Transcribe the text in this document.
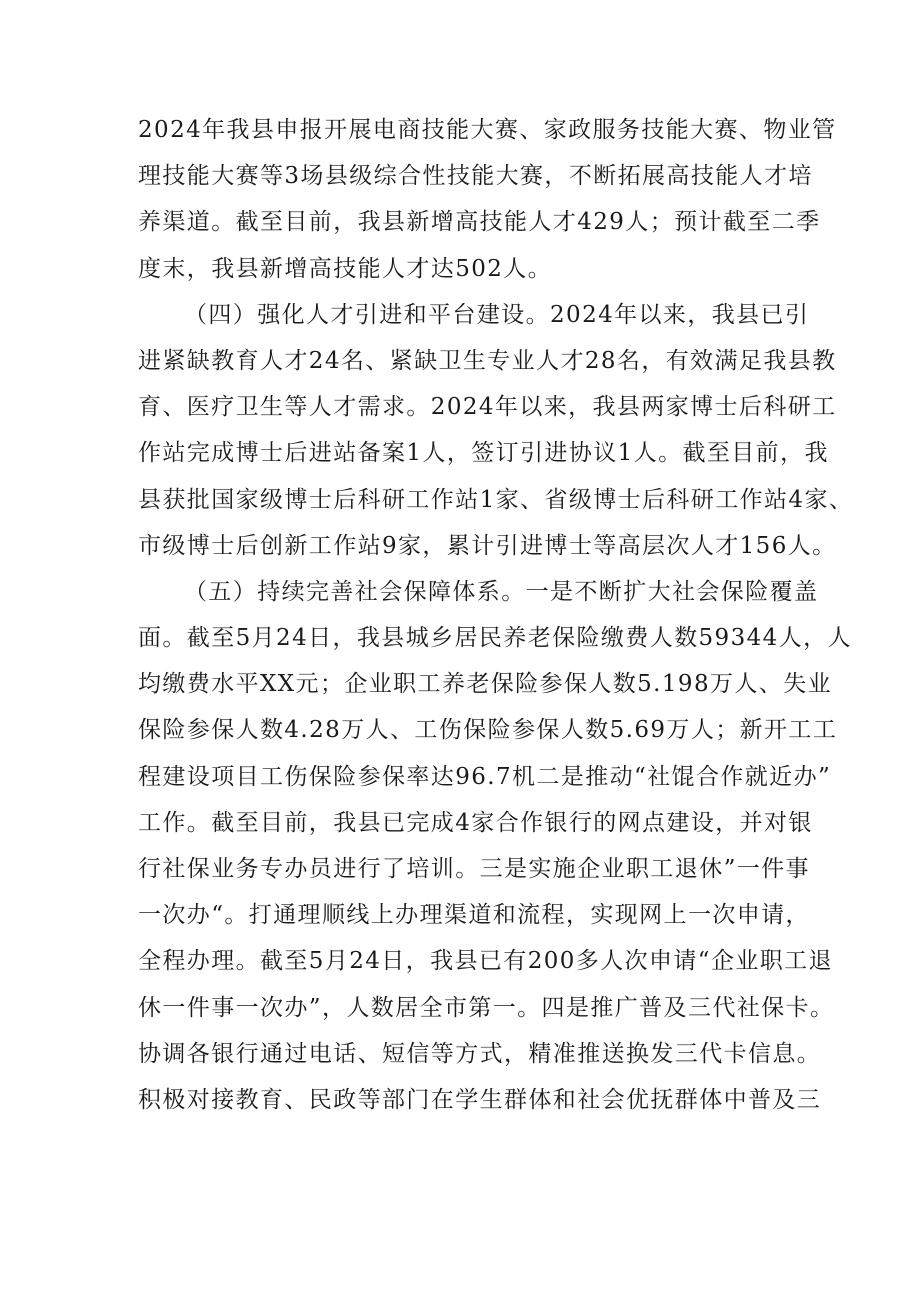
2024年我县申报开展电商技能大赛、家政服务技能大赛、物业管
理技能大赛等3场县级综合性技能大赛，不断拓展高技能人才培
养渠道。截至目前，我县新增高技能人才429人；预计截至二季
度末，我县新增高技能人才达502人。
（四）强化人才引进和平台建设。2024年以来，我县已引
进紧缺教育人才24名、紧缺卫生专业人才28名，有效满足我县教
育、医疗卫生等人才需求。2024年以来，我县两家博士后科研工
作站完成博士后进站备案1人，签订引进协议1人。截至目前，我
县获批国家级博士后科研工作站1家、省级博士后科研工作站4家、
市级博士后创新工作站9家，累计引进博士等高层次人才156人。
（五）持续完善社会保障体系。一是不断扩大社会保险覆盖
面。截至5月24日，我县城乡居民养老保险缴费人数59344人，人
均缴费水平XX元；企业职工养老保险参保人数5.198万人、失业
保险参保人数4.28万人、工伤保险参保人数5.69万人；新开工工
程建设项目工伤保险参保率达96.7机二是推动“社馄合作就近办”
工作。截至目前，我县已完成4家合作银行的网点建设，并对银
行社保业务专办员进行了培训。三是实施企业职工退休”一件事
一次办“。打通理顺线上办理渠道和流程，实现网上一次申请，
全程办理。截至5月24日，我县已有200多人次申请“企业职工退
休一件事一次办”，人数居全市第一。四是推广普及三代社保卡。
协调各银行通过电话、短信等方式，精准推送换发三代卡信息。
积极对接教育、民政等部门在学生群体和社会优抚群体中普及三
